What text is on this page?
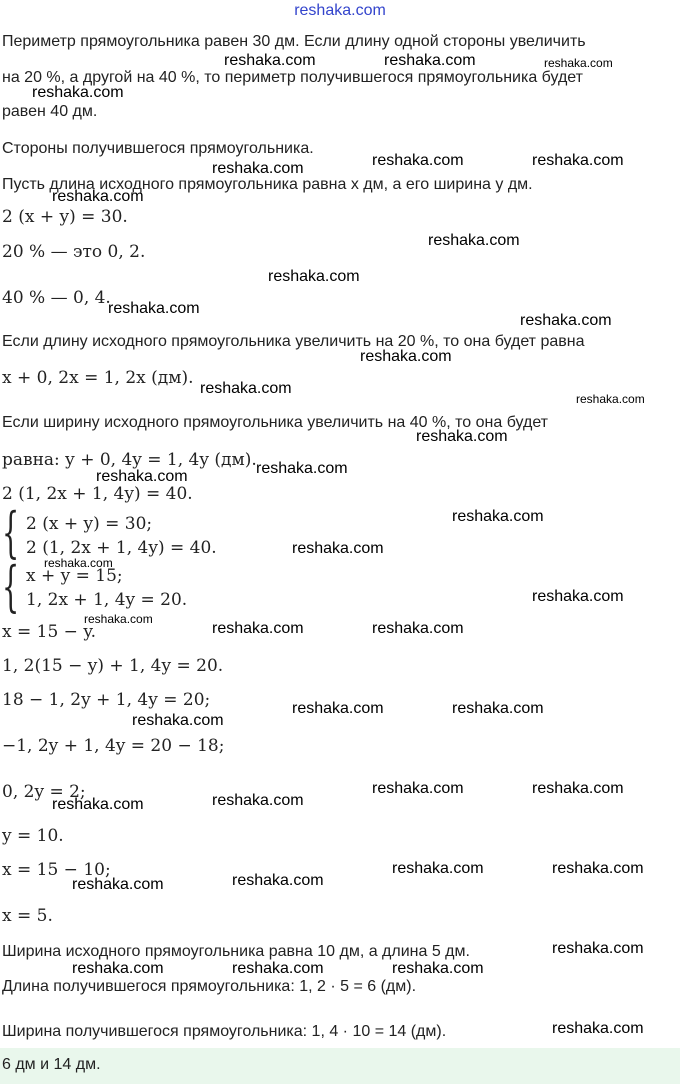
reshaka.com
Периметр прямоугольника равен 30 дм. Если длину одной стороны увеличить
на 20 %, а другой на 40 %, то периметр получившегося прямоугольника будет
равен 40 дм.
Стороны получившегося прямоугольника.
Пусть длина исходного прямоугольника равна x дм, а его ширина y дм.
2 (x + y) = 30.
20 % — это 0, 2.
40 % — 0, 4.
Если длину исходного прямоугольника увеличить на 20 %, то она будет равна
x + 0, 2x = 1, 2x (дм).
Если ширину исходного прямоугольника увеличить на 40 %, то она будет
равна: y + 0, 4y = 1, 4y (дм).
2 (1, 2x + 1, 4y) = 40.
{ 2 (x + y) = 30;
2 (1, 2x + 1, 4y) = 40.
{ x + y = 15;
1, 2x + 1, 4y = 20.
x = 15 − y.
1, 2(15 − y) + 1, 4y = 20.
18 − 1, 2y + 1, 4y = 20;
−1, 2y + 1, 4y = 20 − 18;
0, 2y = 2;
y = 10.
x = 15 − 10;
x = 5.
Ширина исходного прямоугольника равна 10 дм, а длина 5 дм.
Длина получившегося прямоугольника: 1, 2 · 5 = 6 (дм).
Ширина получившегося прямоугольника: 1, 4 · 10 = 14 (дм).
6 дм и 14 дм.
reshaka.com	reshaka.com	reshaka.com
reshaka.com
reshaka.com	reshaka.com	reshaka.com
reshaka.com
reshaka.com
reshaka.com
reshaka.com
reshaka.com
reshaka.com
reshaka.com
reshaka.com
reshaka.com
reshaka.com
reshaka.com
reshaka.com
reshaka.com
reshaka.com
reshaka.com
reshaka.com
reshaka.com	reshaka.com
reshaka.com	reshaka.com
reshaka.com
reshaka.com	reshaka.com
reshaka.com
reshaka.com
reshaka.com	reshaka.com
reshaka.com
reshaka.com
reshaka.com
reshaka.com	reshaka.com	reshaka.com
reshaka.com
